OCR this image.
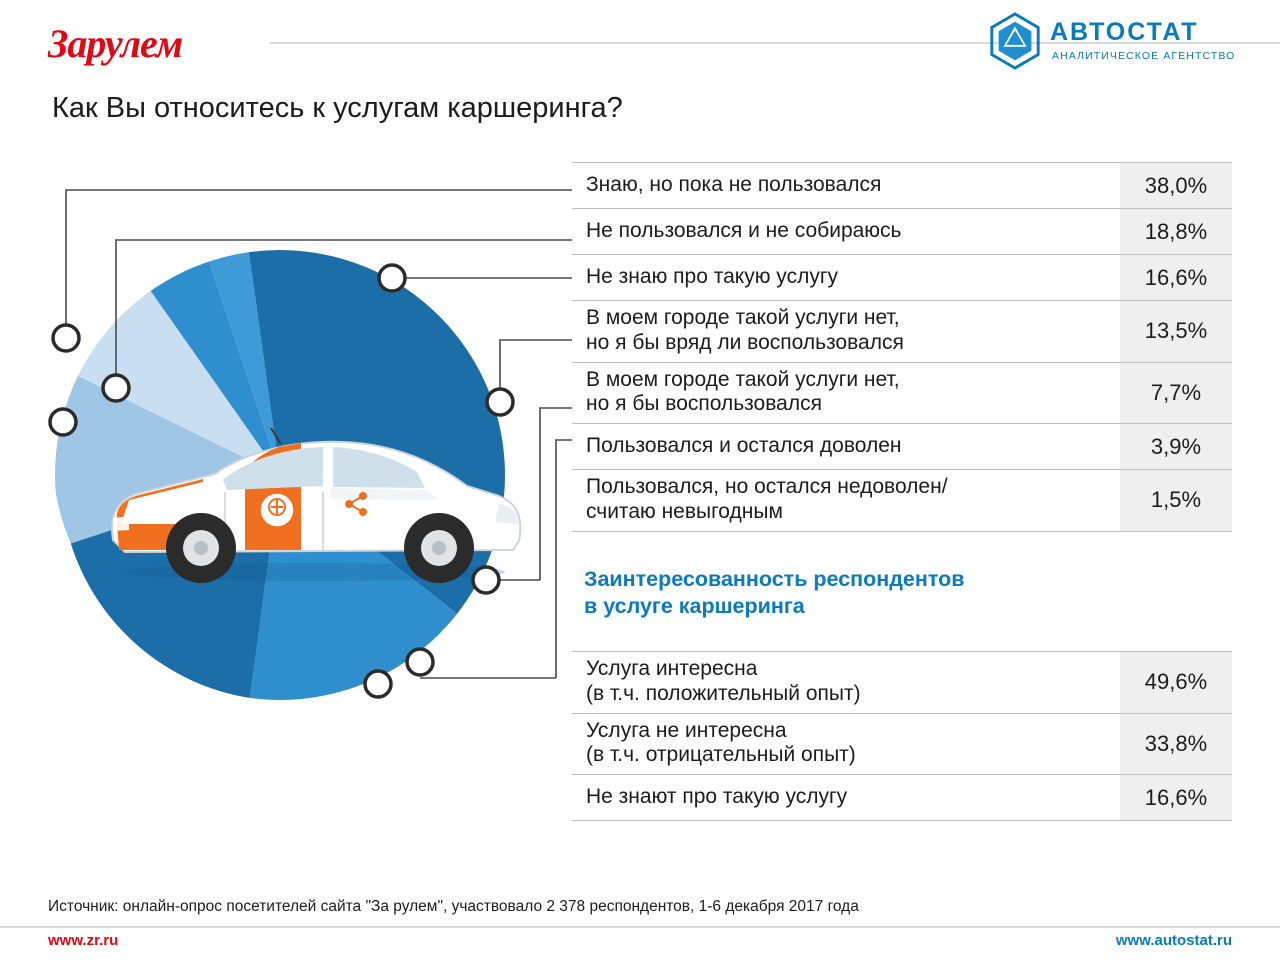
Зарулем	АВТОСТАТ
АНАЛИТИЧЕСКОЕ АГЕНТСТВО
Как Вы относитесь к услугам каршеринга?
Знаю, но пока не пользовался	38,0%
Не пользовался и не собираюсь	18,8%
Не знаю про такую услугу	16,6%
В моем городе такой услуги нет,
но я бы вряд ли воспользовался	13,5%
В моем городе такой услуги нет,
но я бы воспользовался	7,7%
Пользовался и остался доволен	3,9%
Пользовался, но остался недоволен/
считаю невыгодным	1,5%
Заинтересованность респондентов
в услуге каршеринга
Услуга интересна
(в т.ч. положительный опыт)	49,6%
Услуга не интересна
(в т.ч. отрицательный опыт)	33,8%
Не знают про такую услугу	16,6%
Источник: онлайн-опрос посетителей сайта "За рулем", участвовало 2 378 респондентов, 1-6 декабря 2017 года
www.zr.ru	www.autostat.ru
